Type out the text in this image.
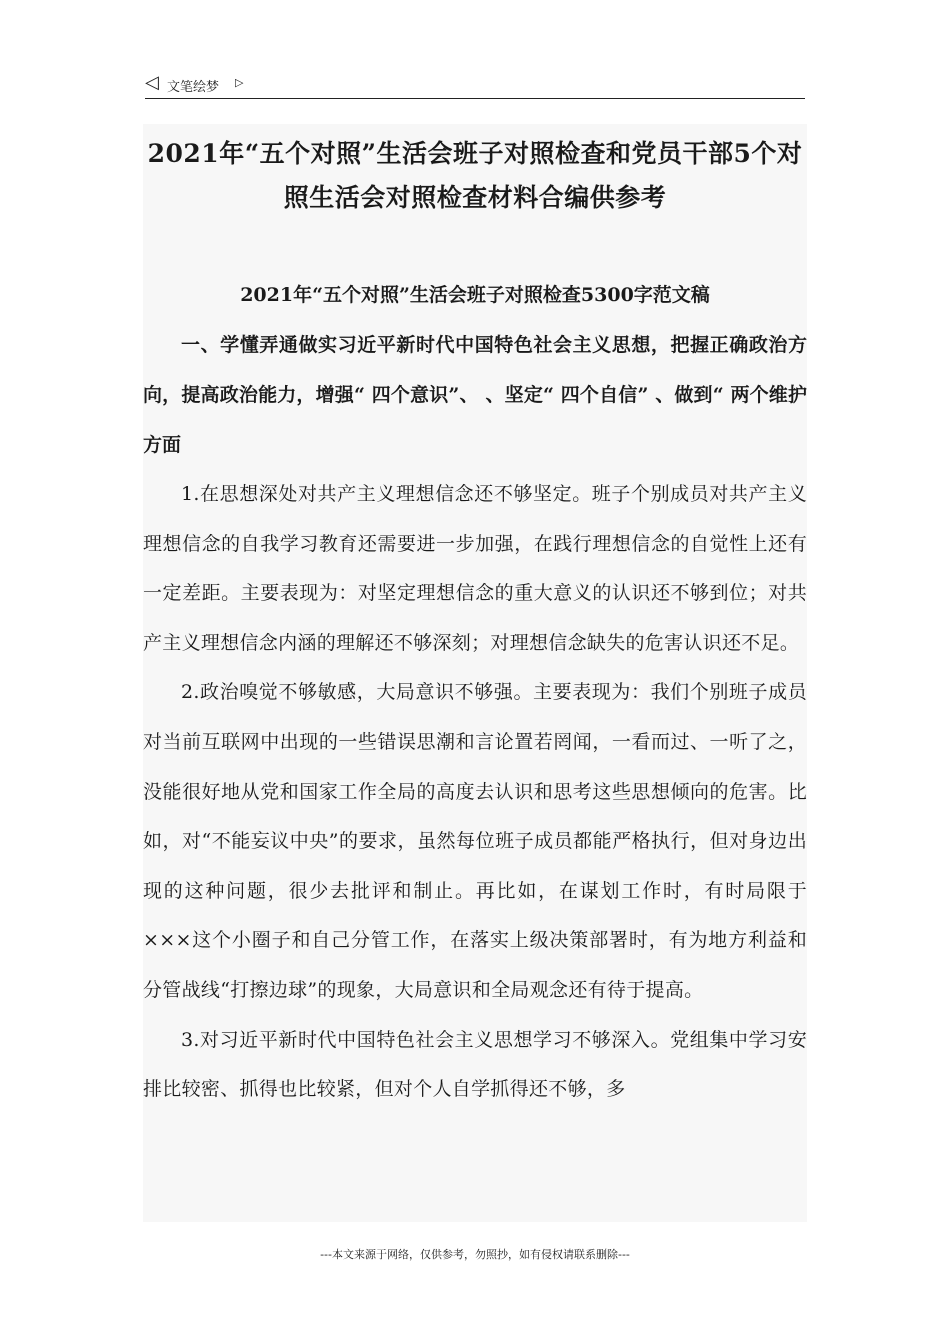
◁ 文笔绘梦 ▷
2021年“五个对照”生活会班子对照检查和党员干部5个对照生活会对照检查材料合编供参考
2021年“五个对照”生活会班子对照检查5300字范文稿

一、学懂弄通做实习近平新时代中国特色社会主义思想，把握正确政治方向，提高政治能力，增强“ 四个意识”、 、坚定“ 四个自信” 、做到“ 两个维护方面

1.在思想深处对共产主义理想信念还不够坚定。班子个别成员对共产主义理想信念的自我学习教育还需要进一步加强，在践行理想信念的自觉性上还有一定差距。主要表现为：对坚定理想信念的重大意义的认识还不够到位；对共产主义理想信念内涵的理解还不够深刻；对理想信念缺失的危害认识还不足。

2.政治嗅觉不够敏感，大局意识不够强。主要表现为：我们个别班子成员对当前互联网中出现的一些错误思潮和言论置若罔闻，一看而过、一听了之，没能很好地从党和国家工作全局的高度去认识和思考这些思想倾向的危害。比如，对“不能妄议中央”的要求，虽然每位班子成员都能严格执行，但对身边出现的这种问题，很少去批评和制止。再比如，在谋划工作时，有时局限于×××这个小圈子和自己分管工作，在落实上级决策部署时，有为地方利益和分管战线“打擦边球”的现象，大局意识和全局观念还有待于提高。

3.对习近平新时代中国特色社会主义思想学习不够深入。党组集中学习安排比较密、抓得也比较紧，但对个人自学抓得还不够，多

---本文来源于网络，仅供参考，勿照抄，如有侵权请联系删除---
